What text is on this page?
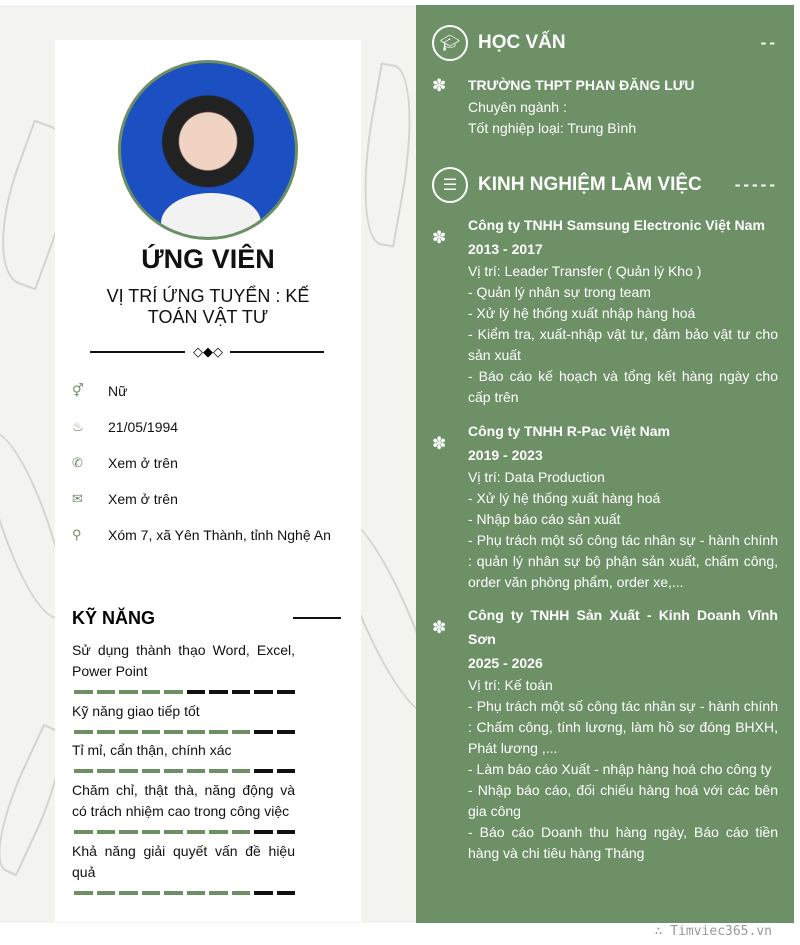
ỨNG VIÊN
VỊ TRÍ ỨNG TUYỂN : KẾ TOÁN VẬT TƯ
◇◆◇
⚥	Nữ
♨	21/05/1994
✆	Xem ở trên
✉	Xem ở trên
⚲	Xóm 7, xã Yên Thành, tỉnh Nghệ An
KỸ NĂNG
Sử dụng thành thạo Word, Excel, Power Point
Kỹ năng giao tiếp tốt
Tỉ mỉ, cẩn thận, chính xác
Chăm chỉ, thật thà, năng động và có trách nhiệm cao trong công việc
Khả năng giải quyết vấn đề hiệu quả
🎓︎ HỌC VẤN	--
✽ TRƯỜNG THPT PHAN ĐĂNG LƯU
Chuyên ngành :
Tốt nghiệp loại: Trung Bình
☰	KINH NGHIỆM LÀM VIỆC -----
✽
Công ty TNHH Samsung Electronic Việt Nam
2013 - 2017
Vị trí: Leader Transfer ( Quản lý Kho )
- Quản lý nhân sự trong team
- Xử lý hệ thống xuất nhập hàng hoá
- Kiểm tra, xuất-nhập vật tư, đảm bảo vật tư cho sản xuất
- Báo cáo kế hoạch và tổng kết hàng ngày cho cấp trên
✽
Công ty TNHH R-Pac Việt Nam
2019 - 2023
Vị trí: Data Production
- Xử lý hệ thống xuất hàng hoá
- Nhập báo cáo sản xuất
- Phụ trách một số công tác nhân sự - hành chính : quản lý nhân sự bộ phận sản xuất, chấm công, order văn phòng phẩm, order xe,...
✽
Công ty TNHH Sản Xuất - Kinh Doanh Vĩnh Sơn
2025 - 2026
Vị trí: Kế toán
- Phụ trách một số công tác nhân sự - hành chính : Chấm công, tính lương, làm hồ sơ đóng BHXH, Phát lương ,...
- Làm báo cáo Xuất - nhập hàng hoá cho công ty
- Nhập báo cáo, đối chiếu hàng hoá với các bên gia công
- Báo cáo Doanh thu hàng ngày, Báo cáo tiền hàng và chi tiêu hàng Tháng
∴ Timviec365.vn
